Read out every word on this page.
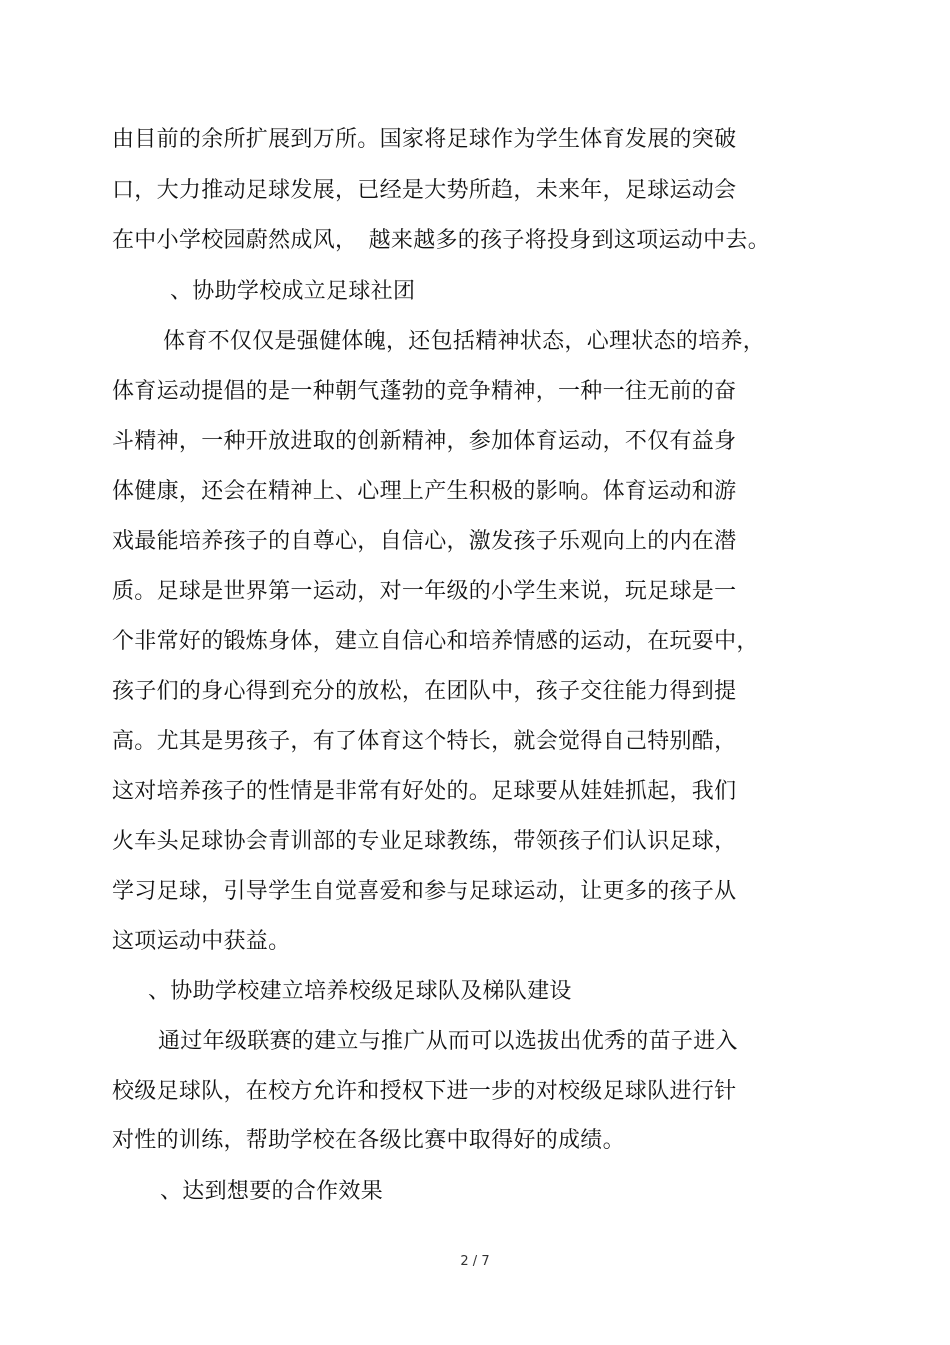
由目前的余所扩展到万所。国家将足球作为学生体育发展的突破
口，大力推动足球发展，已经是大势所趋，未来年，足球运动会
在中小学校园蔚然成风，　越来越多的孩子将投身到这项运动中去。
、协助学校成立足球社团
体育不仅仅是强健体魄，还包括精神状态，心理状态的培养，
体育运动提倡的是一种朝气蓬勃的竞争精神，一种一往无前的奋
斗精神，一种开放进取的创新精神，参加体育运动，不仅有益身
体健康，还会在精神上、心理上产生积极的影响。体育运动和游
戏最能培养孩子的自尊心，自信心，激发孩子乐观向上的内在潜
质。足球是世界第一运动，对一年级的小学生来说，玩足球是一
个非常好的锻炼身体，建立自信心和培养情感的运动，在玩耍中，
孩子们的身心得到充分的放松，在团队中，孩子交往能力得到提
高。尤其是男孩子，有了体育这个特长，就会觉得自己特别酷，
这对培养孩子的性情是非常有好处的。足球要从娃娃抓起，我们
火车头足球协会青训部的专业足球教练，带领孩子们认识足球，
学习足球，引导学生自觉喜爱和参与足球运动，让更多的孩子从
这项运动中获益。
、协助学校建立培养校级足球队及梯队建设
通过年级联赛的建立与推广从而可以选拔出优秀的苗子进入
校级足球队，在校方允许和授权下进一步的对校级足球队进行针
对性的训练，帮助学校在各级比赛中取得好的成绩。
、达到想要的合作效果
2 / 7
